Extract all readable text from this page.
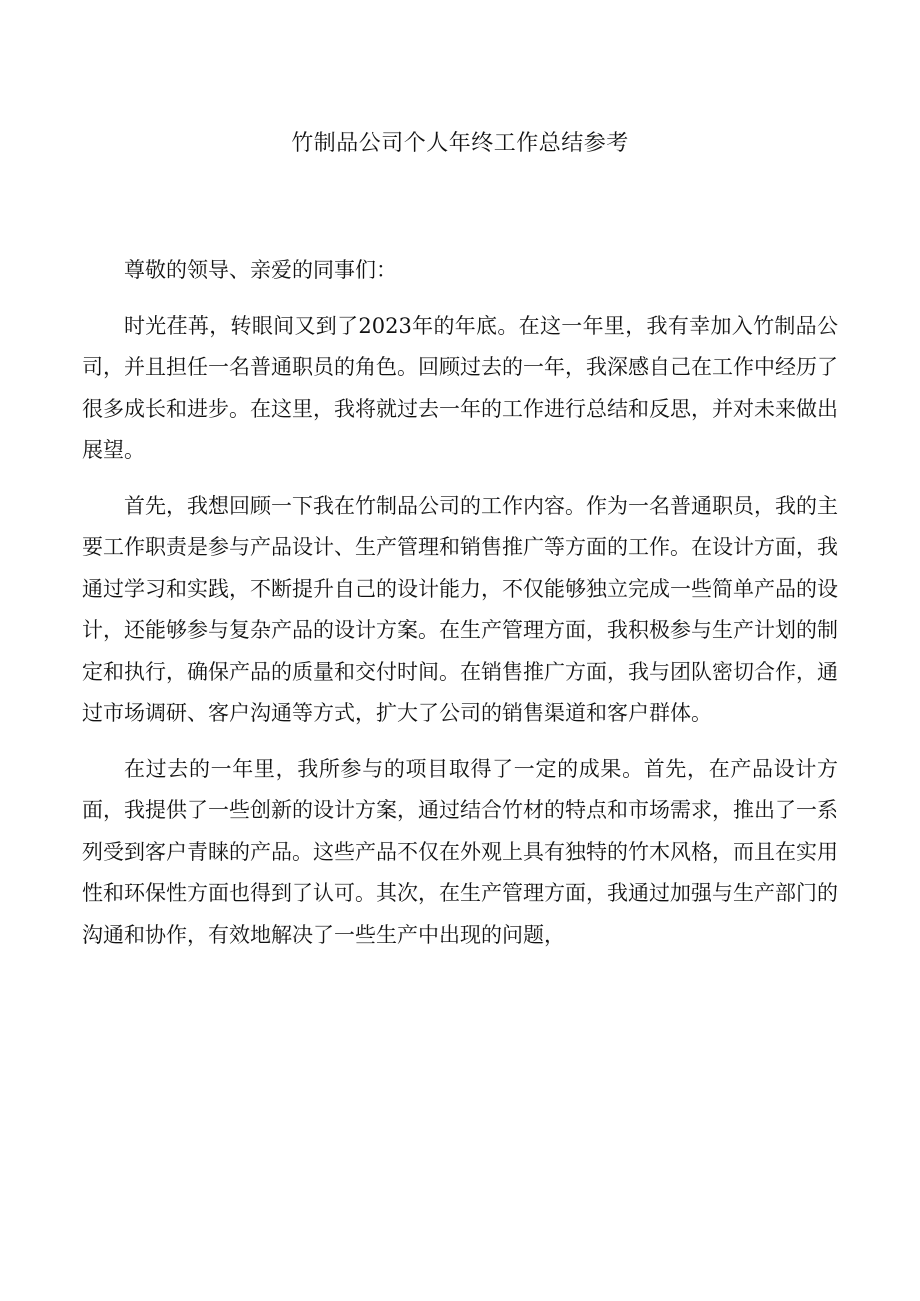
竹制品公司个人年终工作总结参考

尊敬的领导、亲爱的同事们：

时光荏苒，转眼间又到了2023年的年底。在这一年里，我有幸加入竹制品公司，并且担任一名普通职员的角色。回顾过去的一年，我深感自己在工作中经历了很多成长和进步。在这里，我将就过去一年的工作进行总结和反思，并对未来做出展望。

首先，我想回顾一下我在竹制品公司的工作内容。作为一名普通职员，我的主要工作职责是参与产品设计、生产管理和销售推广等方面的工作。在设计方面，我通过学习和实践，不断提升自己的设计能力，不仅能够独立完成一些简单产品的设计，还能够参与复杂产品的设计方案。在生产管理方面，我积极参与生产计划的制定和执行，确保产品的质量和交付时间。在销售推广方面，我与团队密切合作，通过市场调研、客户沟通等方式，扩大了公司的销售渠道和客户群体。

在过去的一年里，我所参与的项目取得了一定的成果。首先，在产品设计方面，我提供了一些创新的设计方案，通过结合竹材的特点和市场需求，推出了一系列受到客户青睐的产品。这些产品不仅在外观上具有独特的竹木风格，而且在实用性和环保性方面也得到了认可。其次，在生产管理方面，我通过加强与生产部门的沟通和协作，有效地解决了一些生产中出现的问题，
